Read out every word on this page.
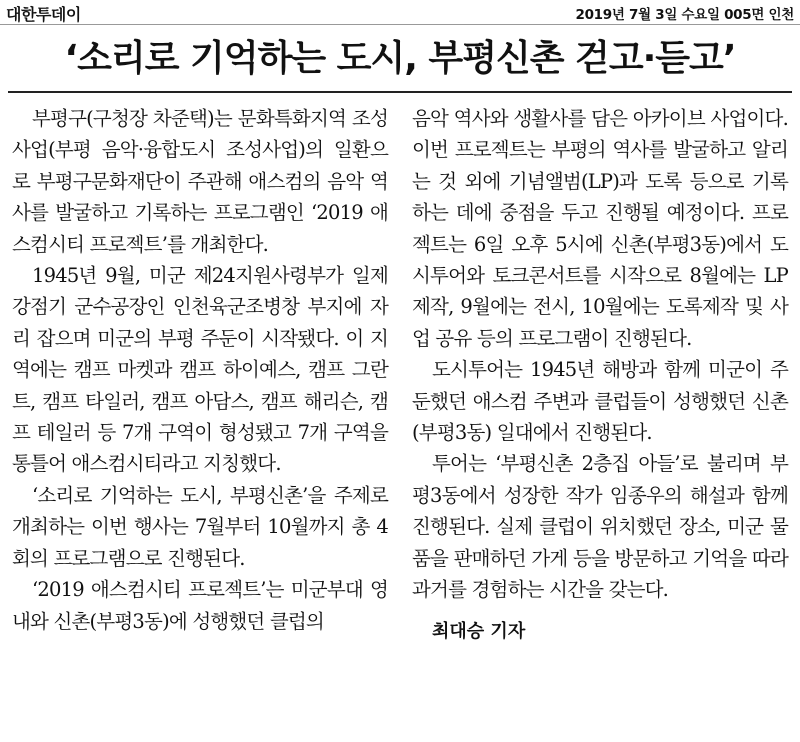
대한투데이	2019년 7월 3일 수요일 005면 인천
‘소리로 기억하는 도시, 부평신촌 걷고·듣고’

부평구(구청장 차준택)는 문화특화지역 조성사업(부평 음악·융합도시 조성사업)의 일환으로 부평구문화재단이 주관해 애스컴의 음악 역사를 발굴하고 기록하는 프로그램인 ‘2019 애스컴시티 프로젝트’를 개최한다.

1945년 9월, 미군 제24지원사령부가 일제강점기 군수공장인 인천육군조병창 부지에 자리 잡으며 미군의 부평 주둔이 시작됐다. 이 지역에는 캠프 마켓과 캠프 하이예스, 캠프 그란트, 캠프 타일러, 캠프 아담스, 캠프 해리슨, 캠프 테일러 등 7개 구역이 형성됐고 7개 구역을 통틀어 애스컴시티라고 지칭했다.

‘소리로 기억하는 도시, 부평신촌’을 주제로 개최하는 이번 행사는 7월부터 10월까지 총 4회의 프로그램으로 진행된다.

‘2019 애스컴시티 프로젝트’는 미군부대 영내와 신촌(부평3동)에 성행했던 클럽의

음악 역사와 생활사를 담은 아카이브 사업이다. 이번 프로젝트는 부평의 역사를 발굴하고 알리는 것 외에 기념앨범(LP)과 도록 등으로 기록하는 데에 중점을 두고 진행될 예정이다. 프로젝트는 6일 오후 5시에 신촌(부평3동)에서 도시투어와 토크콘서트를 시작으로 8월에는 LP제작, 9월에는 전시, 10월에는 도록제작 및 사업 공유 등의 프로그램이 진행된다.

도시투어는 1945년 해방과 함께 미군이 주둔했던 애스컴 주변과 클럽들이 성행했던 신촌(부평3동) 일대에서 진행된다.

투어는 ‘부평신촌 2층집 아들’로 불리며 부평3동에서 성장한 작가 임종우의 해설과 함께 진행된다. 실제 클럽이 위치했던 장소, 미군 물품을 판매하던 가게 등을 방문하고 기억을 따라 과거를 경험하는 시간을 갖는다.

최대승 기자
